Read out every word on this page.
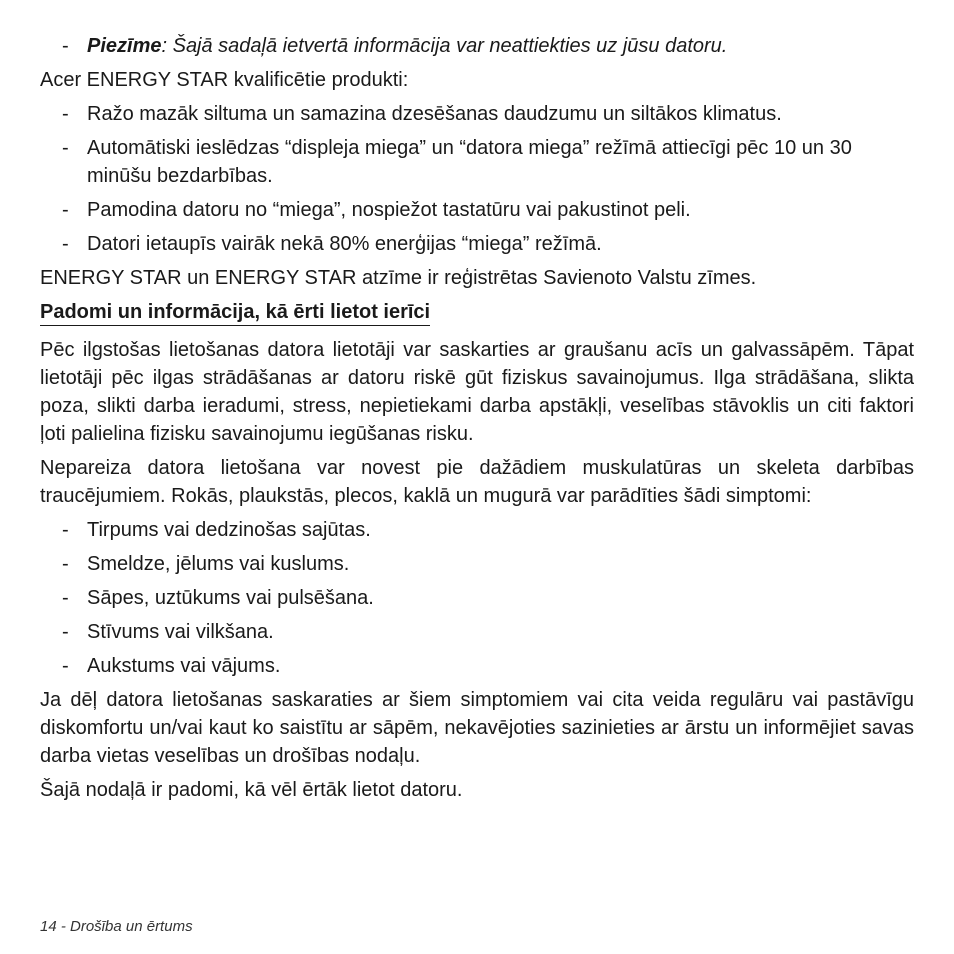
- Piezīme: Šajā sadaļā ietvertā informācija var neattiekties uz jūsu datoru.
Acer ENERGY STAR kvalificētie produkti:
- Ražo mazāk siltuma un samazina dzesēšanas daudzumu un siltākos klimatus.
- Automātiski ieslēdzas “displeja miega” un “datora miega” režīmā attiecīgi pēc 10 un 30 minūšu bezdarbības.
- Pamodina datoru no “miega”, nospiežot tastatūru vai pakustinot peli.
- Datori ietaupīs vairāk nekā 80% enerģijas “miega” režīmā.
ENERGY STAR un ENERGY STAR atzīme ir reģistrētas Savienoto Valstu zīmes.
Padomi un informācija, kā ērti lietot ierīci
Pēc ilgstošas lietošanas datora lietotāji var saskarties ar graušanu acīs un galvassāpēm. Tāpat lietotāji pēc ilgas strādāšanas ar datoru riskē gūt fiziskus savainojumus. Ilga strādāšana, slikta poza, slikti darba ieradumi, stress, nepietiekami darba apstākļi, veselības stāvoklis un citi faktori ļoti palielina fizisku savainojumu iegūšanas risku.
Nepareiza datora lietošana var novest pie dažādiem muskulatūras un skeleta darbības traucējumiem. Rokās, plaukstās, plecos, kaklā un mugurā var parādīties šādi simptomi:
- Tirpums vai dedzinošas sajūtas.
- Smeldze, jēlums vai kuslums.
- Sāpes, uztūkums vai pulsēšana.
- Stīvums vai vilkšana.
- Aukstums vai vājums.
Ja dēļ datora lietošanas saskaraties ar šiem simptomiem vai cita veida regulāru vai pastāvīgu diskomfortu un/vai kaut ko saistītu ar sāpēm, nekavējoties sazinieties ar ārstu un informējiet savas darba vietas veselības un drošības nodaļu.
Šajā nodaļā ir padomi, kā vēl ērtāk lietot datoru.
14 - Drošība un ērtums
